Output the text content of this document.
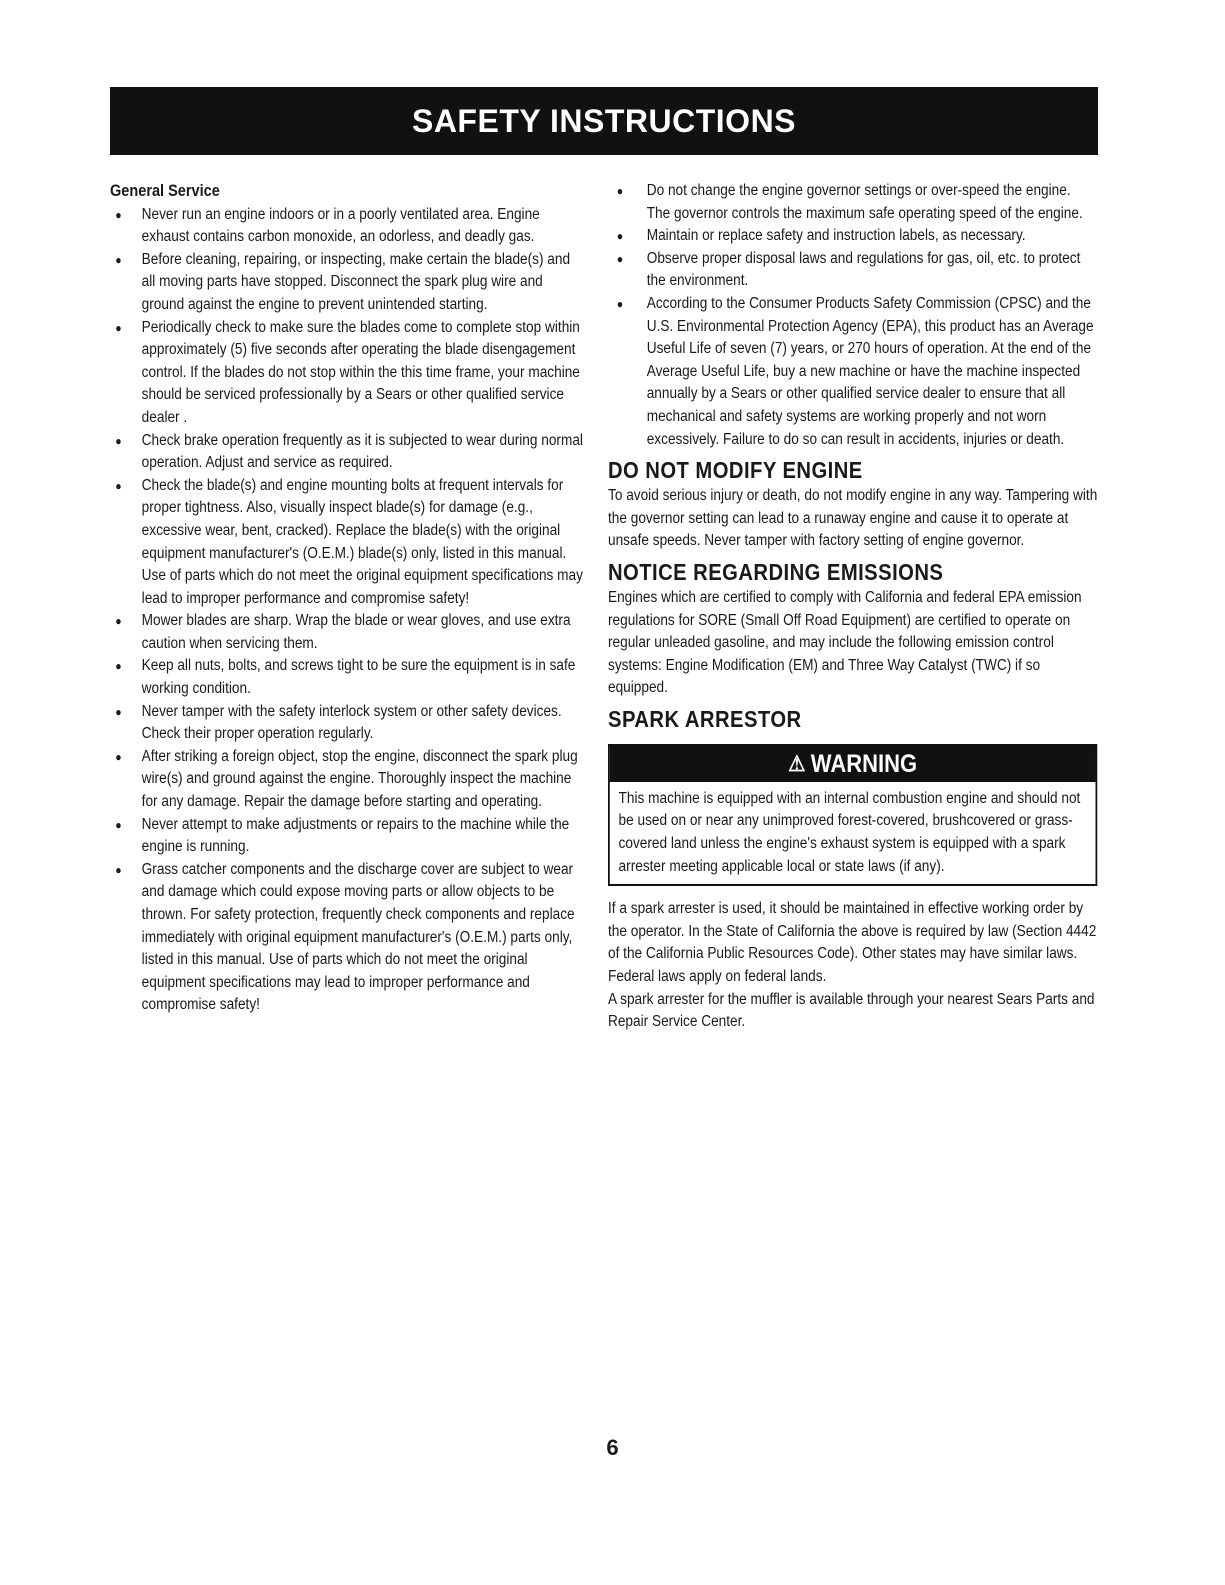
SAFETY INSTRUCTIONS
General Service
● Never run an engine indoors or in a poorly ventilated area. Engine exhaust contains carbon monoxide, an odorless, and deadly gas.
● Before cleaning, repairing, or inspecting, make certain the blade(s) and all moving parts have stopped. Disconnect the spark plug wire and ground against the engine to prevent unintended starting.
● Periodically check to make sure the blades come to complete stop within approximately (5) five seconds after operating the blade disengagement control. If the blades do not stop within the this time frame, your machine should be serviced professionally by a Sears or other qualified service dealer .
● Check brake operation frequently as it is subjected to wear during normal operation. Adjust and service as required.
● Check the blade(s) and engine mounting bolts at frequent intervals for proper tightness. Also, visually inspect blade(s) for damage (e.g., excessive wear, bent, cracked). Replace the blade(s) with the original equipment manufacturer's (O.E.M.) blade(s) only, listed in this manual. Use of parts which do not meet the original equipment specifications may lead to improper performance and compromise safety!
● Mower blades are sharp. Wrap the blade or wear gloves, and use extra caution when servicing them.
● Keep all nuts, bolts, and screws tight to be sure the equipment is in safe working condition.
● Never tamper with the safety interlock system or other safety devices. Check their proper operation regularly.
● After striking a foreign object, stop the engine, disconnect the spark plug wire(s) and ground against the engine. Thoroughly inspect the machine for any damage. Repair the damage before starting and operating.
● Never attempt to make adjustments or repairs to the machine while the engine is running.
● Grass catcher components and the discharge cover are subject to wear and damage which could expose moving parts or allow objects to be thrown. For safety protection, frequently check components and replace immediately with original equipment manufacturer's (O.E.M.) parts only, listed in this manual. Use of parts which do not meet the original equipment specifications may lead to improper performance and compromise safety!
● Do not change the engine governor settings or over-speed the engine. The governor controls the maximum safe operating speed of the engine.
● Maintain or replace safety and instruction labels, as necessary.
● Observe proper disposal laws and regulations for gas, oil, etc. to protect the environment.
● According to the Consumer Products Safety Commission (CPSC) and the U.S. Environmental Protection Agency (EPA), this product has an Average Useful Life of seven (7) years, or 270 hours of operation. At the end of the Average Useful Life, buy a new machine or have the machine inspected annually by a Sears or other qualified service dealer to ensure that all mechanical and safety systems are working properly and not worn excessively. Failure to do so can result in accidents, injuries or death.
DO NOT MODIFY ENGINE

To avoid serious injury or death, do not modify engine in any way. Tampering with the governor setting can lead to a runaway engine and cause it to operate at unsafe speeds. Never tamper with factory setting of engine governor.

NOTICE REGARDING EMISSIONS

Engines which are certified to comply with California and federal EPA emission regulations for SORE (Small Off Road Equipment) are certified to operate on regular unleaded gasoline, and may include the following emission control systems: Engine Modification (EM) and Three Way Catalyst (TWC) if so equipped.

SPARK ARRESTOR
⚠ WARNING
This machine is equipped with an internal combustion engine and should not be used on or near any unimproved forest-covered, brushcovered or grass-covered land unless the engine's exhaust system is equipped with a spark arrester meeting applicable local or state laws (if any).

If a spark arrester is used, it should be maintained in effective working order by the operator. In the State of California the above is required by law (Section 4442 of the California Public Resources Code). Other states may have similar laws. Federal laws apply on federal lands.

A spark arrester for the muffler is available through your nearest Sears Parts and Repair Service Center.

6
